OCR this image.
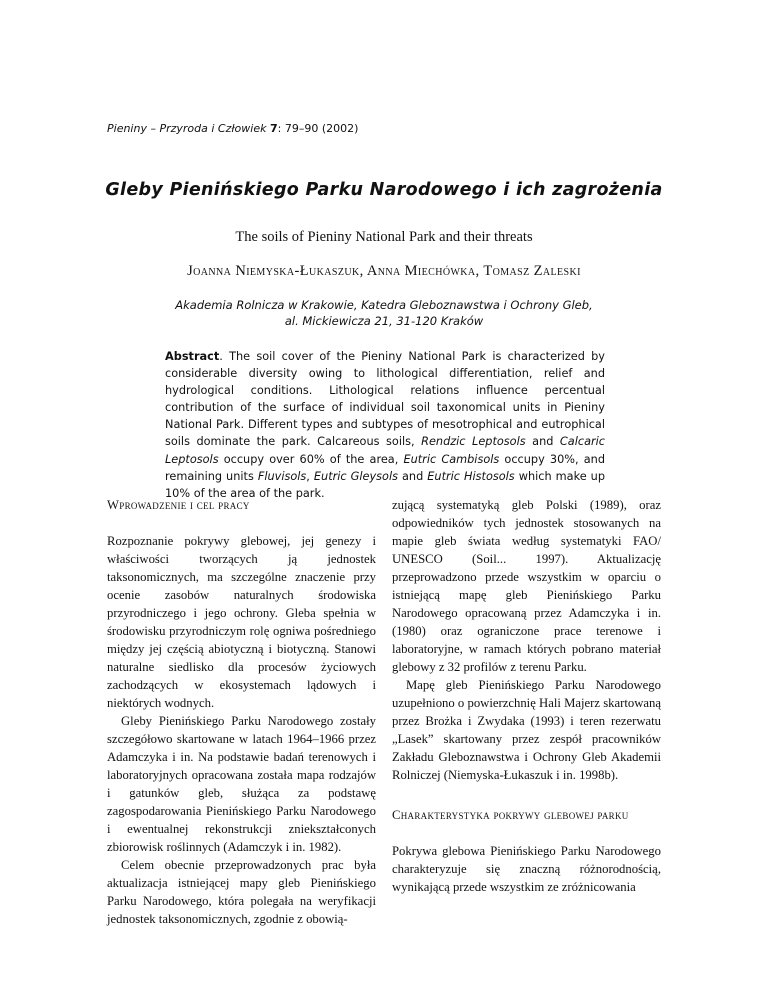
Pieniny – Przyroda i Człowiek 7: 79–90 (2002)
Gleby Pienińskiego Parku Narodowego i ich zagrożenia
The soils of Pieniny National Park and their threats
Joanna Niemyska-Łukaszuk, Anna Miechówka, Tomasz Zaleski
Akademia Rolnicza w Krakowie, Katedra Gleboznawstwa i Ochrony Gleb,
al. Mickiewicza 21, 31-120 Kraków
Abstract. The soil cover of the Pieniny National Park is characterized by considerable diversity owing to lithological differentiation, relief and hydrological conditions. Lithological relations influence percentual contribution of the surface of individual soil taxonomical units in Pieniny National Park. Different types and subtypes of mesotrophical and eutrophical soils dominate the park. Calcareous soils, Rendzic Leptosols and Calcaric Leptosols occupy over 60% of the area, Eutric Cambisols occupy 30%, and remaining units Fluvisols, Eutric Gleysols and Eutric Histosols which make up 10% of the area of the park.
Wprowadzenie i cel pracy

Rozpoznanie pokrywy glebowej, jej genezy i właściwości tworzących ją jednostek taksonomicznych, ma szczególne znaczenie przy ocenie zasobów naturalnych środowiska przyrodniczego i jego ochrony. Gleba spełnia w środowisku przyrodniczym rolę ogniwa pośredniego między jej częścią abiotyczną i biotyczną. Stanowi naturalne siedlisko dla procesów życiowych zachodzących w ekosystemach lądowych i niektórych wodnych.

Gleby Pienińskiego Parku Narodowego zostały szczegółowo skartowane w latach 1964–1966 przez Adamczyka i in. Na podstawie badań terenowych i laboratoryjnych opracowana została mapa rodzajów i gatunków gleb, służąca za podstawę zagospodarowania Pienińskiego Parku Narodowego i ewentualnej rekonstrukcji zniekształconych zbiorowisk roślinnych (Adamczyk i in. 1982).

Celem obecnie przeprowadzonych prac była aktualizacja istniejącej mapy gleb Pienińskiego Parku Narodowego, która polegała na weryfikacji jednostek taksonomicznych, zgodnie z obowią-

zującą systematyką gleb Polski (1989), oraz odpowiedników tych jednostek stosowanych na mapie gleb świata według systematyki FAO/ UNESCO (Soil... 1997). Aktualizację przeprowadzono przede wszystkim w oparciu o istniejącą mapę gleb Pienińskiego Parku Narodowego opracowaną przez Adamczyka i in. (1980) oraz ograniczone prace terenowe i laboratoryjne, w ramach których pobrano materiał glebowy z 32 profilów z terenu Parku.

Mapę gleb Pienińskiego Parku Narodowego uzupełniono o powierzchnię Hali Majerz skartowaną przez Brożka i Zwydaka (1993) i teren rezerwatu „Lasek” skartowany przez zespół pracowników Zakładu Gleboznawstwa i Ochrony Gleb Akademii Rolniczej (Niemyska-Łukaszuk i in. 1998b).

Charakterystyka pokrywy glebowej parku

Pokrywa glebowa Pienińskiego Parku Narodowego charakteryzuje się znaczną różnorodnością, wynikającą przede wszystkim ze zróżnicowania
